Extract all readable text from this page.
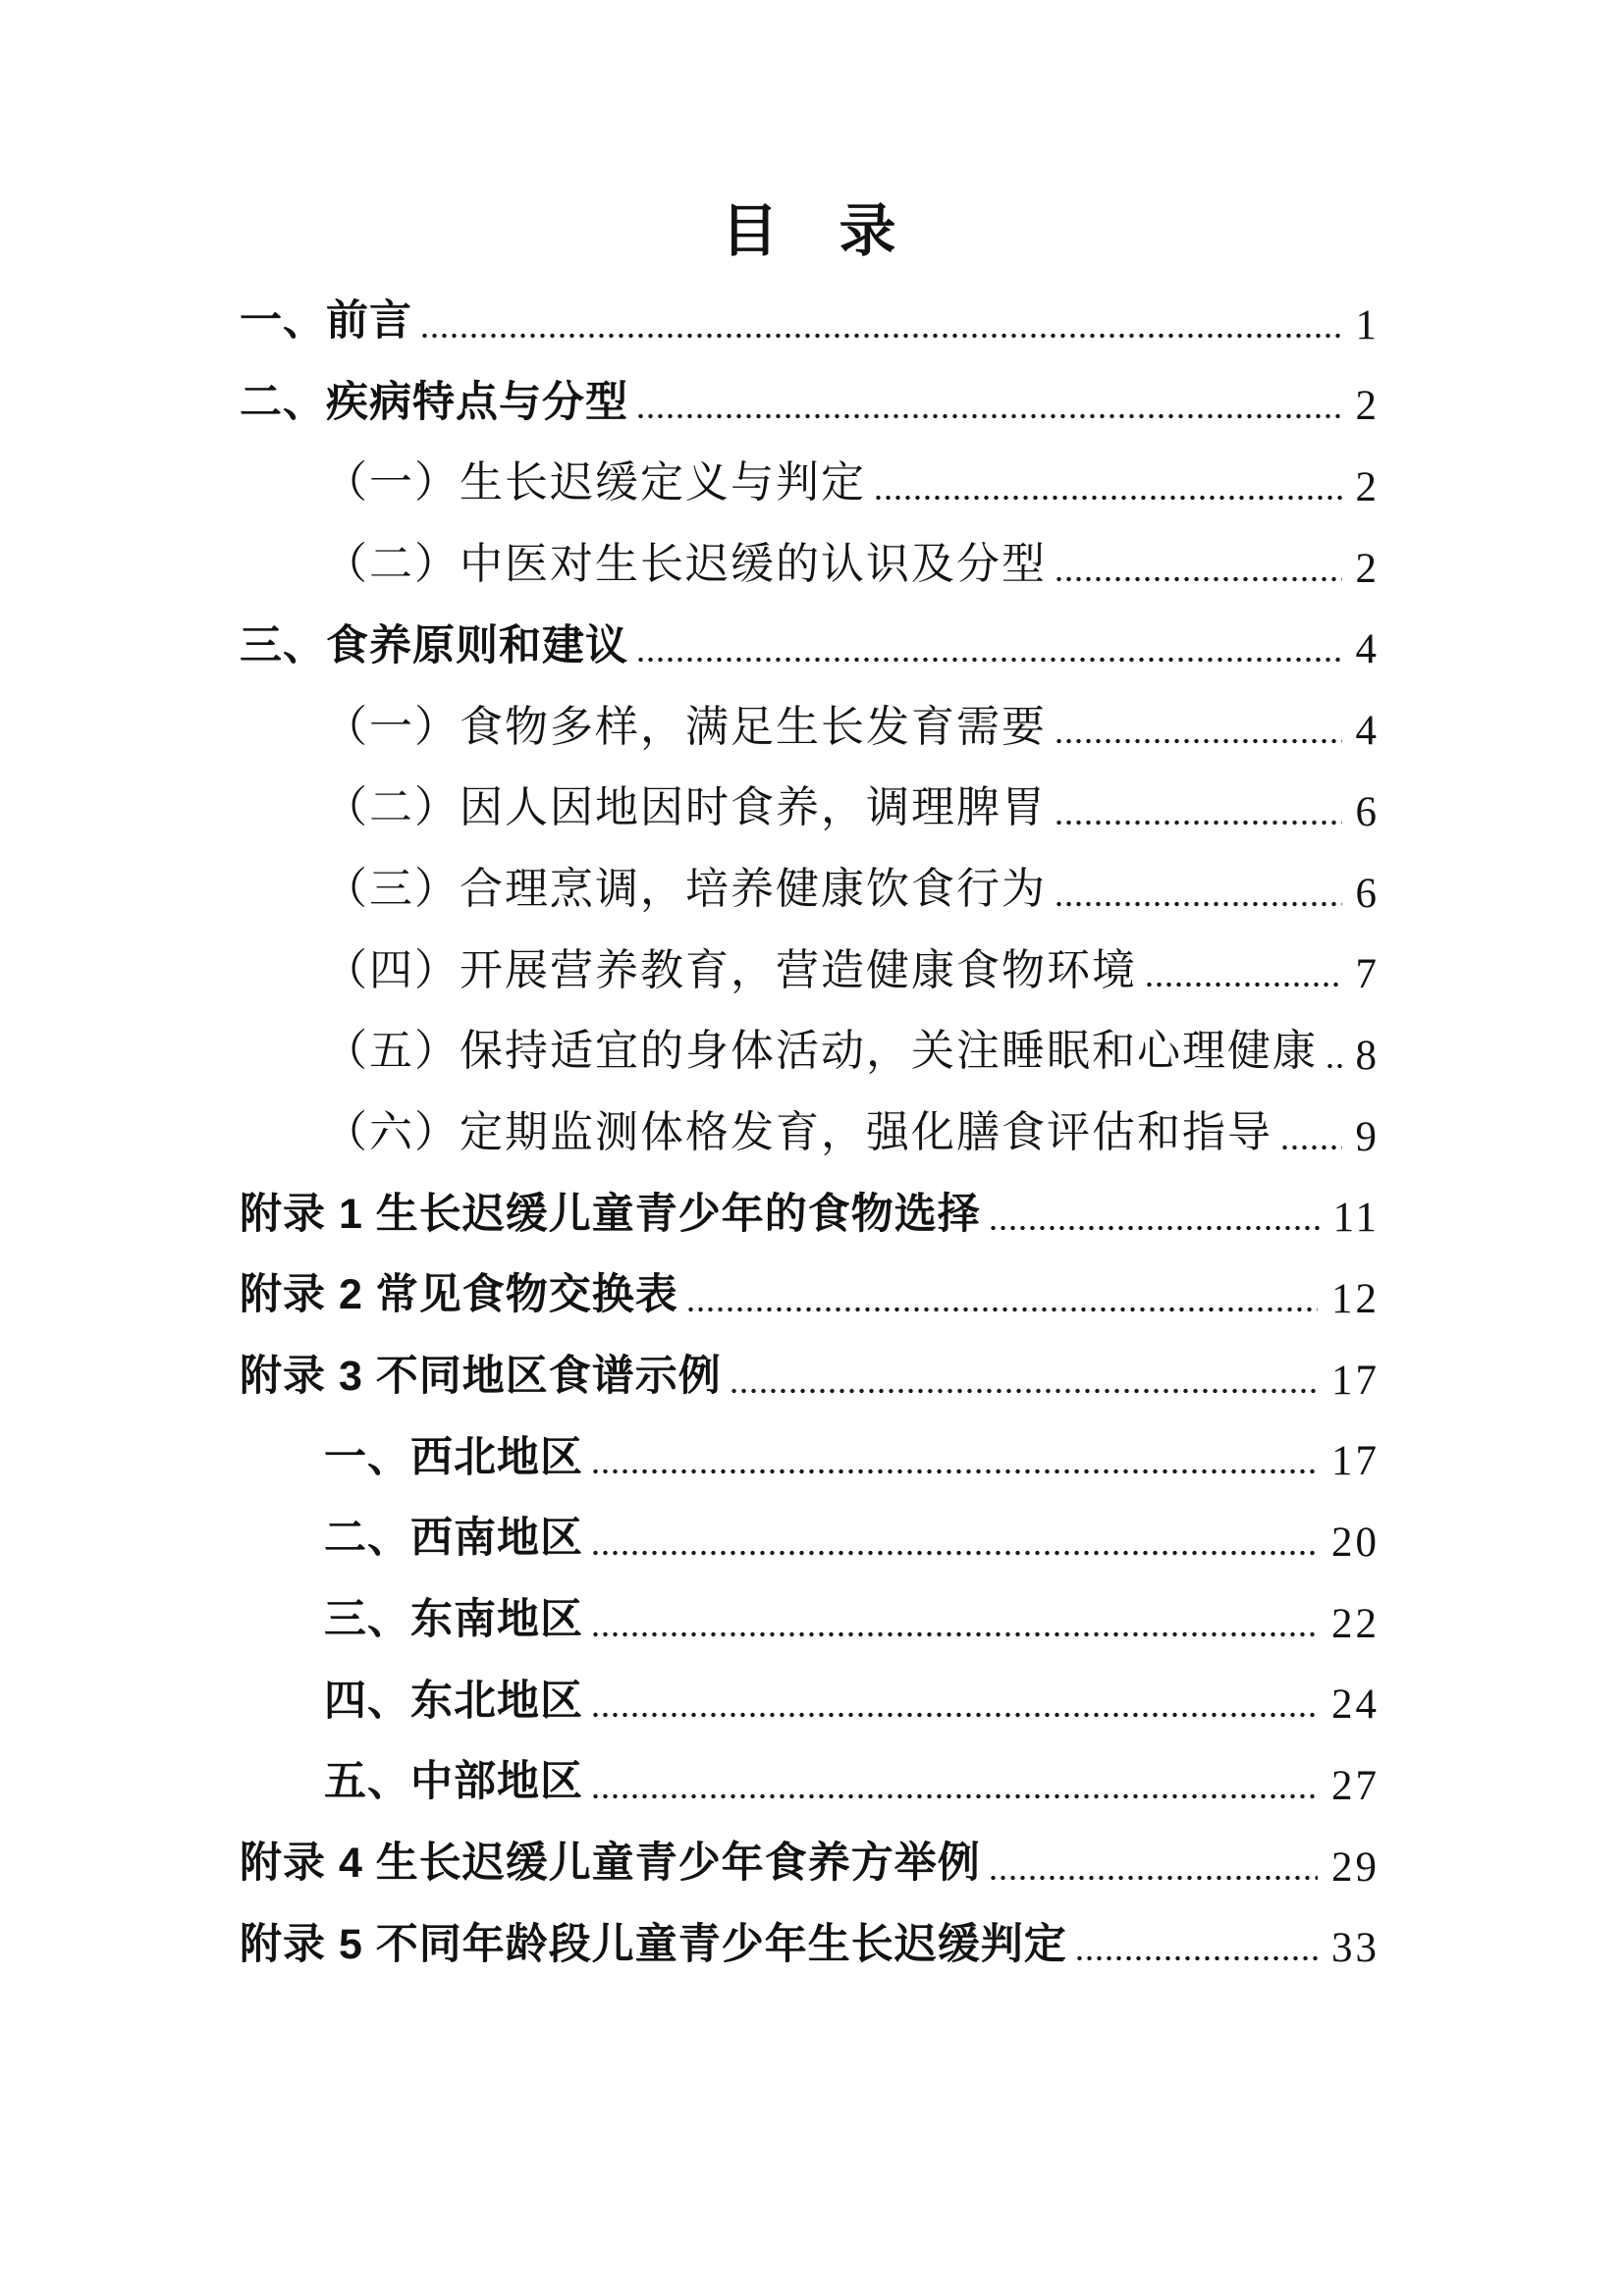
目　录
一、前言	1
二、疾病特点与分型	2
（一）生长迟缓定义与判定	2
（二）中医对生长迟缓的认识及分型	2
三、食养原则和建议	4
（一）食物多样，满足生长发育需要	4
（二）因人因地因时食养，调理脾胃	6
（三）合理烹调，培养健康饮食行为	6
（四）开展营养教育，营造健康食物环境	7
（五）保持适宜的身体活动，关注睡眠和心理健康 8
（六）定期监测体格发育，强化膳食评估和指导 9
附录 1 生长迟缓儿童青少年的食物选择	11
附录 2 常见食物交换表	12
附录 3 不同地区食谱示例	17
一、西北地区	17
二、西南地区	20
三、东南地区	22
四、东北地区	24
五、中部地区	27
附录 4 生长迟缓儿童青少年食养方举例	29
附录 5 不同年龄段儿童青少年生长迟缓判定	33
